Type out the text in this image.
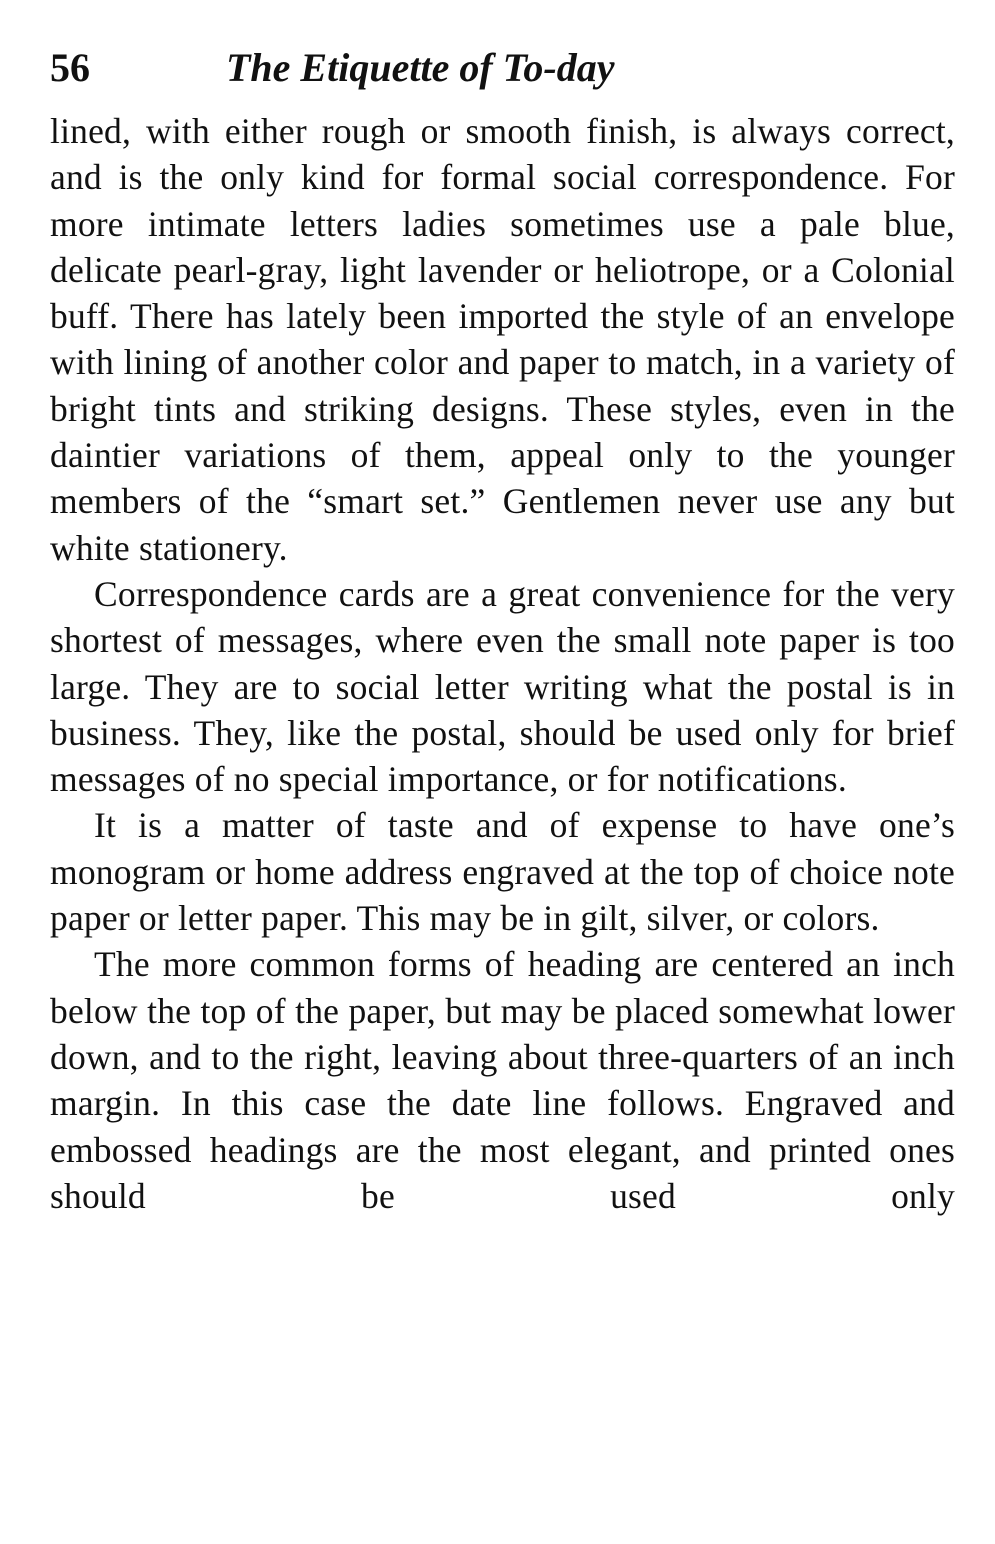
56	The Etiquette of To-day

lined, with either rough or smooth finish, is always correct, and is the only kind for formal social correspondence. For more intimate letters ladies sometimes use a pale blue, delicate pearl-gray, light lavender or heliotrope, or a Colonial buff. There has lately been imported the style of an envelope with lining of another color and paper to match, in a variety of bright tints and striking designs. These styles, even in the daintier variations of them, appeal only to the younger members of the “smart set.” Gentlemen never use any but white stationery.

Correspondence cards are a great convenience for the very shortest of messages, where even the small note paper is too large. They are to social letter writing what the postal is in business. They, like the postal, should be used only for brief messages of no special importance, or for notifications.

It is a matter of taste and of expense to have one’s monogram or home address engraved at the top of choice note paper or letter paper. This may be in gilt, silver, or colors.

The more common forms of heading are centered an inch below the top of the paper, but may be placed somewhat lower down, and to the right, leaving about three-quarters of an inch margin. In this case the date line follows. Engraved and embossed headings are the most elegant, and printed ones should be used only
